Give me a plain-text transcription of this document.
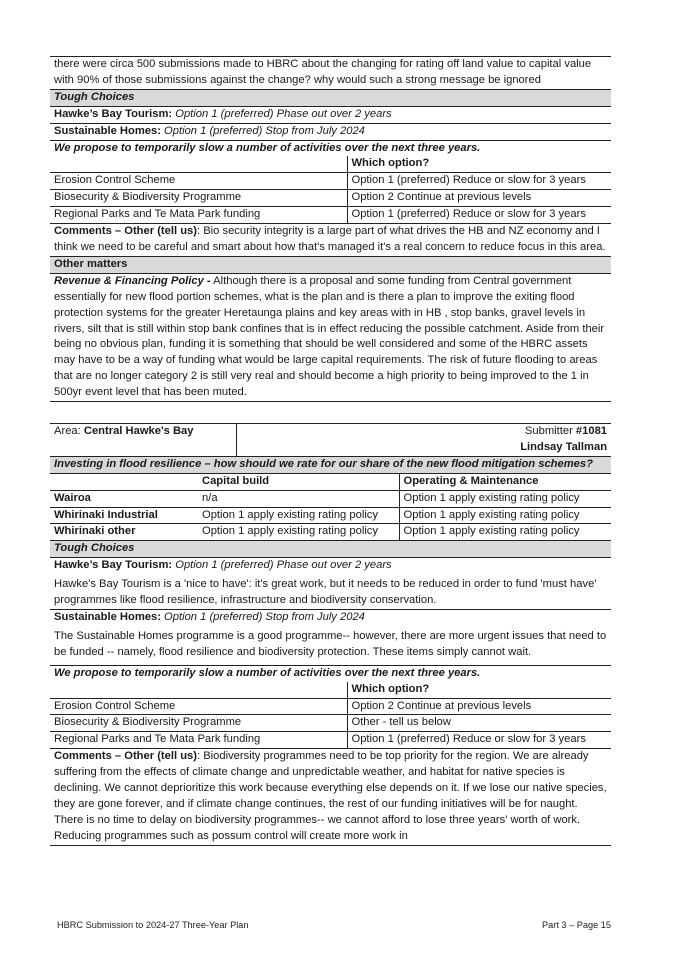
there were circa 500 submissions made to HBRC about the changing for rating off land value to capital value with 90% of those submissions against the change? why would such a strong message be ignored	
Tough Choices	
Hawke’s Bay Tourism: Option 1 (preferred) Phase out over 2 years	
Sustainable Homes: Option 1 (preferred) Stop from July 2024	
We propose to temporarily slow a number of activities over the next three years.	
	Which option?
Erosion Control Scheme	Option 1 (preferred) Reduce or slow for 3 years
Biosecurity & Biodiversity Programme	Option 2 Continue at previous levels
Regional Parks and Te Mata Park funding	Option 1 (preferred) Reduce or slow for 3 years
Comments – Other (tell us): Bio security integrity is a large part of what drives the HB and NZ economy and I think we need to be careful and smart about how that's managed it's a real concern to reduce focus in this area.	
Other matters	
Revenue & Financing Policy - Although there is a proposal and some funding from Central government essentially for new flood portion schemes, what is the plan and is there a plan to improve the exiting flood protection systems for the greater Heretaunga plains and key areas with in HB , stop banks, gravel levels in rivers, silt that is still within stop bank confines that is in effect reducing the possible catchment. Aside from their being no obvious plan, funding it is something that should be well considered and some of the HBRC assets may have to be a way of funding what would be large capital requirements. The risk of future flooding to areas that are no longer category 2 is still very real and should become a high priority to being improved to the 1 in 500yr event level that has been muted.	
Area: Central Hawke's Bay		Submitter #1081
Lindsay Tallman	
Investing in flood resilience – how should we rate for our share of the new flood mitigation schemes?			
	Capital build		Operating & Maintenance
Wairoa	n/a		Option 1 apply existing rating policy
Whirinaki Industrial	Option 1 apply existing rating policy		Option 1 apply existing rating policy
Whirinaki other	Option 1 apply existing rating policy		Option 1 apply existing rating policy
Tough Choices			

Hawke’s Bay Tourism: Option 1 (preferred) Phase out over 2 years
Hawke's Bay Tourism is a 'nice to have': it's great work, but it needs to be reduced in order to fund 'must have' programmes like flood resilience, infrastructure and biodiversity conservation.			

Sustainable Homes: Option 1 (preferred) Stop from July 2024
The Sustainable Homes programme is a good programme-- however, there are more urgent issues that need to be funded -- namely, flood resilience and biodiversity protection. These items simply cannot wait.			
We propose to temporarily slow a number of activities over the next three years.	
	Which option?
Erosion Control Scheme	Option 2 Continue at previous levels
Biosecurity & Biodiversity Programme	Other - tell us below
Regional Parks and Te Mata Park funding	Option 1 (preferred) Reduce or slow for 3 years
Comments – Other (tell us): Biodiversity programmes need to be top priority for the region. We are already suffering from the effects of climate change and unpredictable weather, and habitat for native species is declining. We cannot deprioritize this work because everything else depends on it. If we lose our native species, they are gone forever, and if climate change continues, the rest of our funding initiatives will be for naught. There is no time to delay on biodiversity programmes-- we cannot afford to lose three years' worth of work. Reducing programmes such as possum control will create more work in	
HBRC Submission to 2024-27 Three-Year Plan	Part 3 – Page 15
